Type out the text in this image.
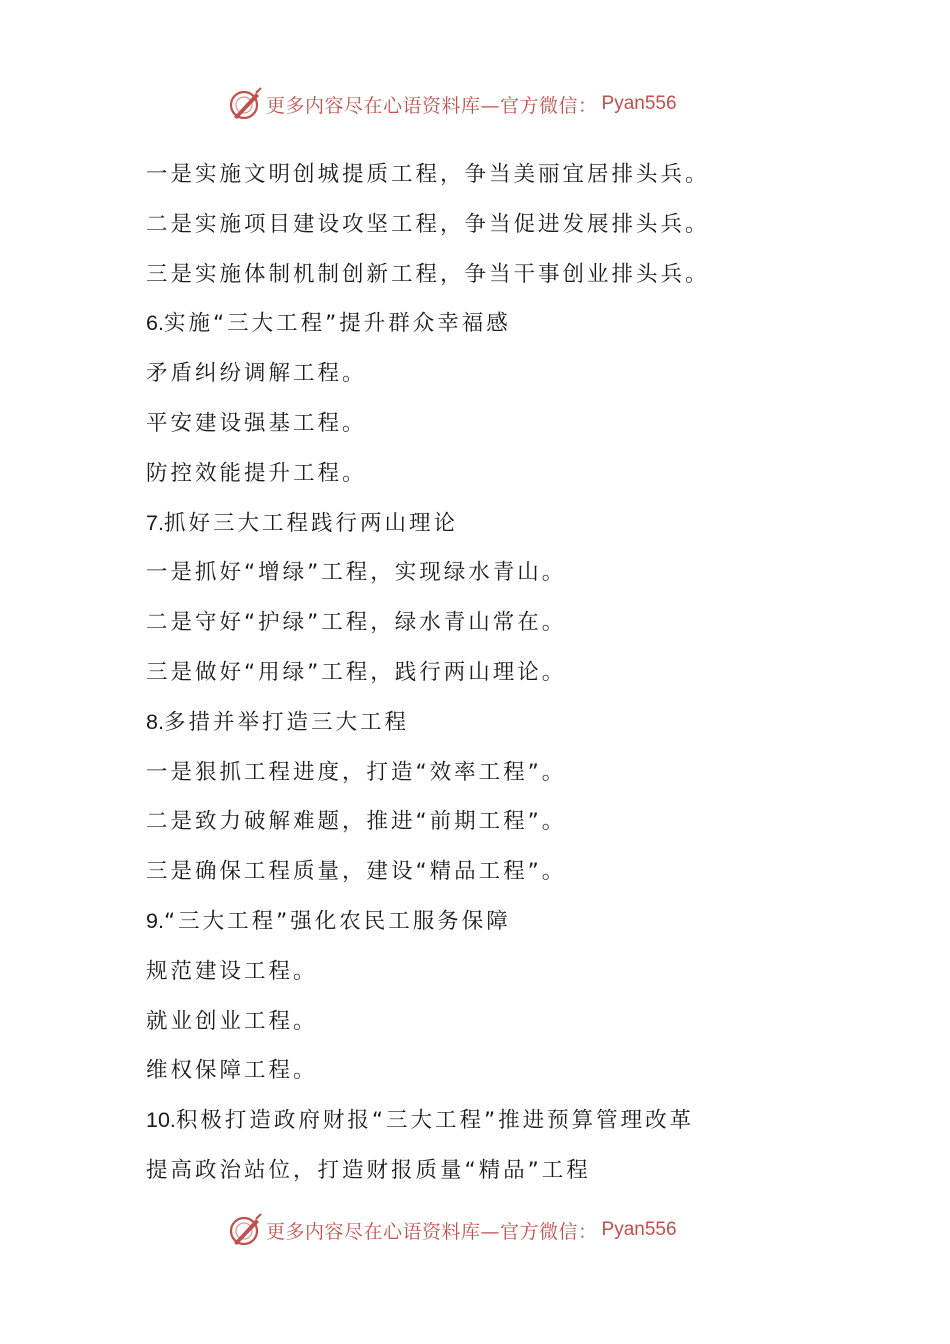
更多内容尽在心语资料库—官方微信： Pyan556
一是实施文明创城提质工程，争当美丽宜居排头兵。
二是实施项目建设攻坚工程，争当促进发展排头兵。
三是实施体制机制创新工程，争当干事创业排头兵。
6.实施“三大工程”提升群众幸福感
矛盾纠纷调解工程。
平安建设强基工程。
防控效能提升工程。
7.抓好三大工程践行两山理论
一是抓好“增绿”工程，实现绿水青山。
二是守好“护绿”工程，绿水青山常在。
三是做好“用绿”工程，践行两山理论。
8.多措并举打造三大工程
一是狠抓工程进度，打造“效率工程”。
二是致力破解难题，推进“前期工程”。
三是确保工程质量，建设“精品工程”。
9.“三大工程”强化农民工服务保障
规范建设工程。
就业创业工程。
维权保障工程。
10.积极打造政府财报“三大工程”推进预算管理改革
提高政治站位，打造财报质量“精品”工程
更多内容尽在心语资料库—官方微信： Pyan556
